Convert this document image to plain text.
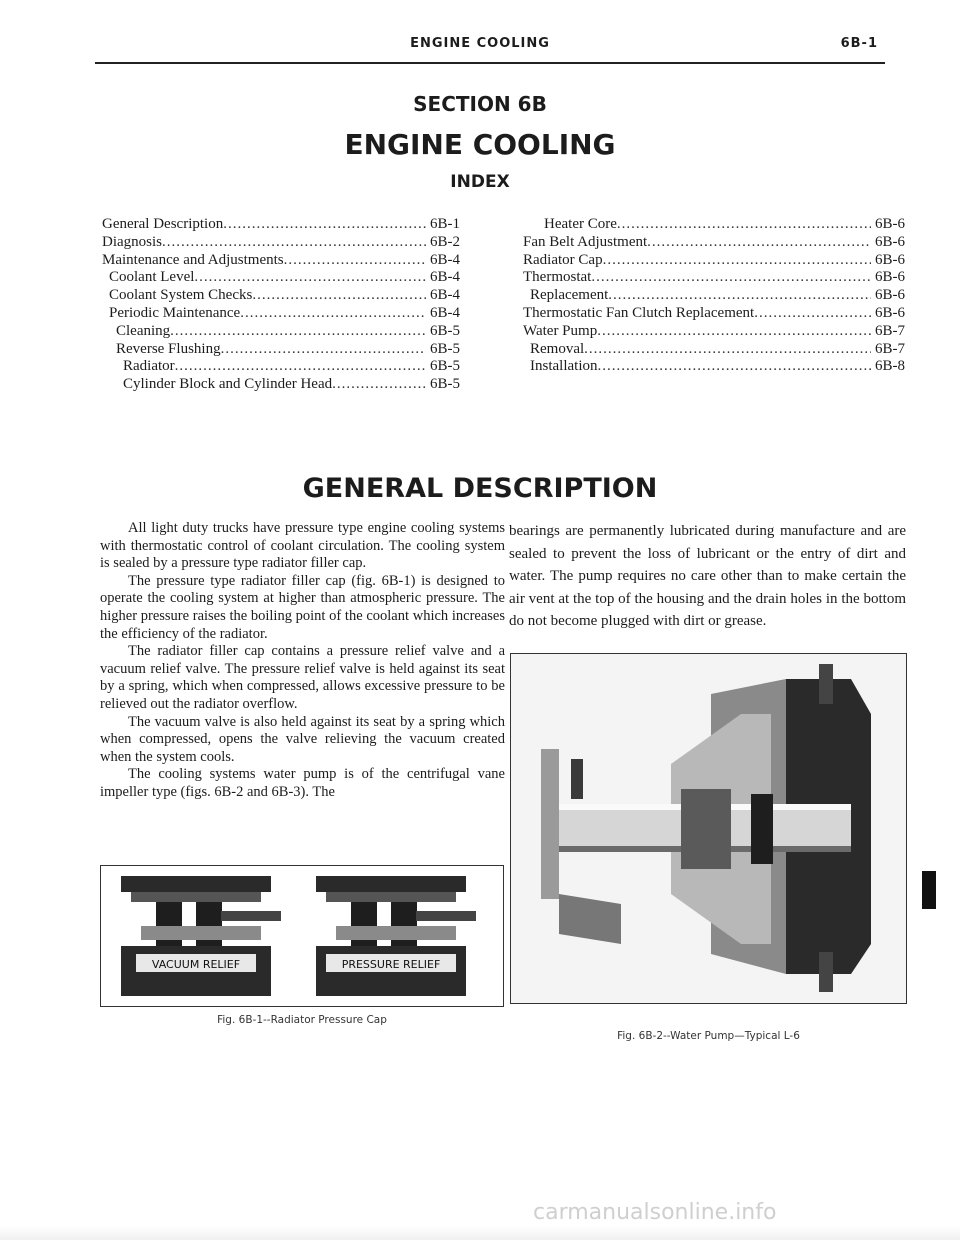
ENGINE COOLING	6B-1
SECTION 6B
ENGINE COOLING
INDEX
General Description .....	6B-1
Diagnosis .....	6B-2
Maintenance and Adjustments .....	6B-4
Coolant Level .....	6B-4
Coolant System Checks .....	6B-4
Periodic Maintenance .....	6B-4
Cleaning .....	6B-5
Reverse Flushing .....	6B-5
Radiator .....	6B-5
Cylinder Block and Cylinder Head .....	6B-5
Heater Core .....	6B-6
Fan Belt Adjustment .....	6B-6
Radiator Cap .....	6B-6
Thermostat .....	6B-6
Replacement .....	6B-6
Thermostatic Fan Clutch Replacement .....	6B-6
Water Pump .....	6B-7
Removal .....	6B-7
Installation .....	6B-8
GENERAL DESCRIPTION

All light duty trucks have pressure type engine cooling systems with thermostatic control of coolant circulation. The cooling system is sealed by a pressure type radiator filler cap.

The pressure type radiator filler cap (fig. 6B-1) is designed to operate the cooling system at higher than atmospheric pressure. The higher pressure raises the boiling point of the coolant which increases the efficiency of the radiator.

The radiator filler cap contains a pressure relief valve and a vacuum relief valve. The pressure relief valve is held against its seat by a spring, which when compressed, allows excessive pressure to be relieved out the radiator overflow.

The vacuum valve is also held against its seat by a spring which when compressed, opens the valve relieving the vacuum created when the system cools.

The cooling systems water pump is of the centrifugal vane impeller type (figs. 6B-2 and 6B-3). The

bearings are permanently lubricated during manufacture and are sealed to prevent the loss of lubricant or the entry of dirt and water. The pump requires no care other than to make certain the air vent at the top of the housing and the drain holes in the bottom do not become plugged with dirt or grease.

VACUUM RELIEF	PRESSURE RELIEF
Fig. 6B-1--Radiator Pressure Cap
Fig. 6B-2--Water Pump—Typical L-6
carmanualsonline.info
